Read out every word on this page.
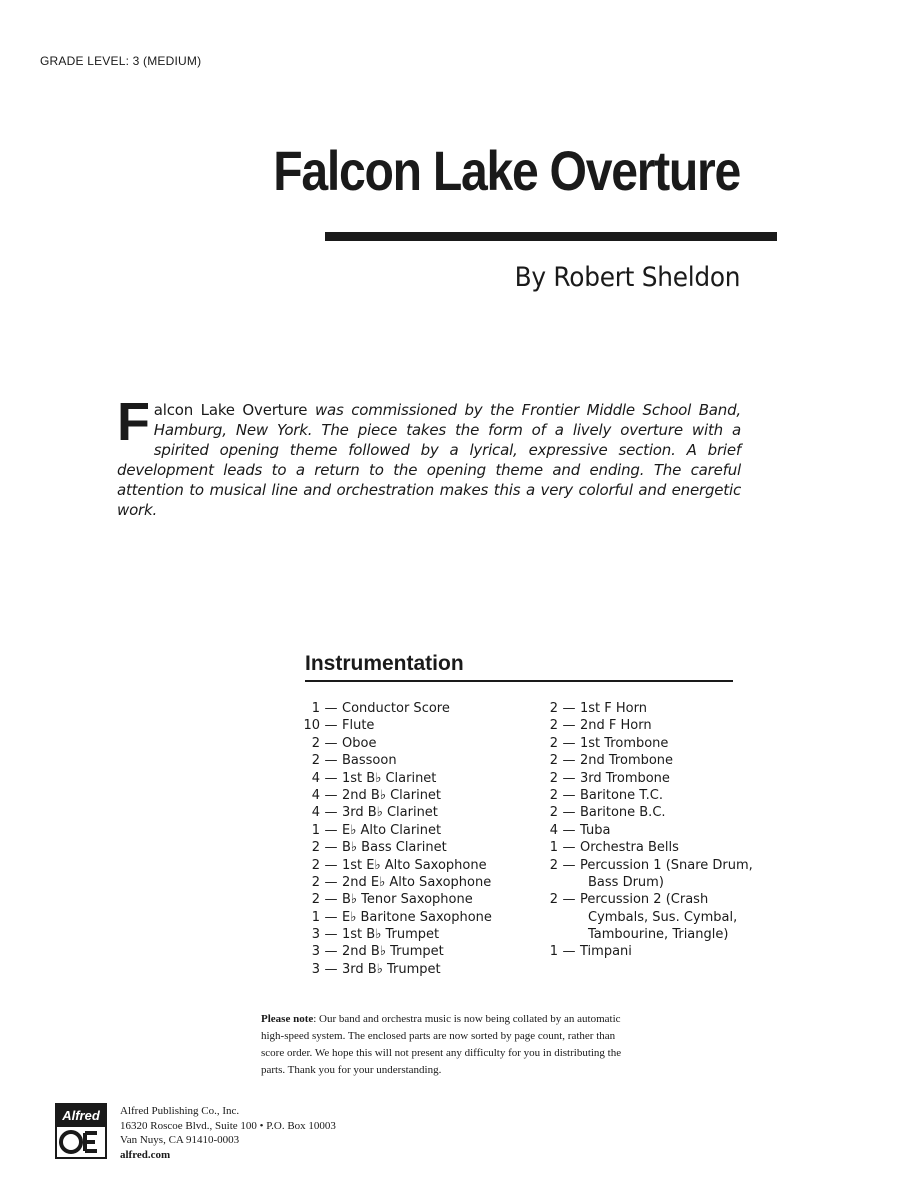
GRADE LEVEL: 3 (MEDIUM)
Falcon Lake Overture
By Robert Sheldon
Falcon Lake Overture was commissioned by the Frontier Middle School Band, Hamburg, New York. The piece takes the form of a lively overture with a spirited opening theme followed by a lyrical, expressive section. A brief development leads to a return to the opening theme and ending. The careful attention to musical line and orchestration makes this a very colorful and energetic work.
Instrumentation
1 — Conductor Score
10 — Flute
2 — Oboe
2 — Bassoon
4 — 1st B♭ Clarinet
4 — 2nd B♭ Clarinet
4 — 3rd B♭ Clarinet
1 — E♭ Alto Clarinet
2 — B♭ Bass Clarinet
2 — 1st E♭ Alto Saxophone
2 — 2nd E♭ Alto Saxophone
2 — B♭ Tenor Saxophone
1 — E♭ Baritone Saxophone
3 — 1st B♭ Trumpet
3 — 2nd B♭ Trumpet
3 — 3rd B♭ Trumpet
2 — 1st F Horn
2 — 2nd F Horn
2 — 1st Trombone
2 — 2nd Trombone
2 — 3rd Trombone
2 — Baritone T.C.
2 — Baritone B.C.
4 — Tuba
1 — Orchestra Bells
2 — Percussion 1 (Snare Drum,
Bass Drum)
2 — Percussion 2 (Crash
Cymbals, Sus. Cymbal,
Tambourine, Triangle)
1 — Timpani
Please note: Our band and orchestra music is now being collated by an automatic high-speed system. The enclosed parts are now sorted by page count, rather than score order. We hope this will not present any difficulty for you in distributing the parts. Thank you for your understanding.
Alfred	Alfred Publishing Co., Inc.
16320 Roscoe Blvd., Suite 100 • P.O. Box 10003
Van Nuys, CA 91410-0003
alfred.com
